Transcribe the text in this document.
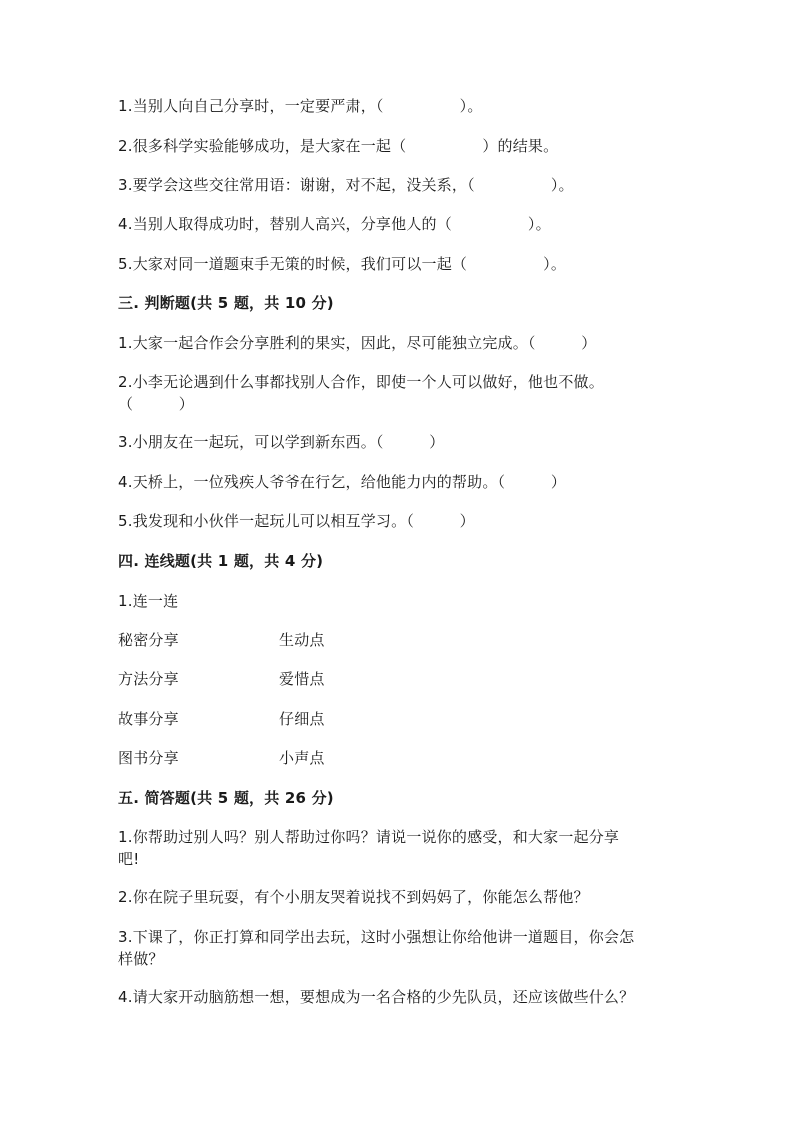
1.当别人向自己分享时，一定要严肃，（　　　　　）。
2.很多科学实验能够成功，是大家在一起（　　　　　）的结果。
3.要学会这些交往常用语：谢谢，对不起，没关系，（　　　　　）。
4.当别人取得成功时，替别人高兴，分享他人的（　　　　　）。
5.大家对同一道题束手无策的时候，我们可以一起（　　　　　）。
三. 判断题(共 5 题，共 10 分)
1.大家一起合作会分享胜利的果实，因此，尽可能独立完成。（　　　）
2.小李无论遇到什么事都找别人合作，即使一个人可以做好，他也不做。
（　　　）
3.小朋友在一起玩，可以学到新东西。（　　　）
4.天桥上，一位残疾人爷爷在行乞，给他能力内的帮助。（　　　）
5.我发现和小伙伴一起玩儿可以相互学习。（　　　）
四. 连线题(共 1 题，共 4 分)
1.连一连
秘密分享	生动点
方法分享	爱惜点
故事分享	仔细点
图书分享	小声点
五. 简答题(共 5 题，共 26 分)
1.你帮助过别人吗？别人帮助过你吗？请说一说你的感受，和大家一起分享
吧!
2.你在院子里玩耍，有个小朋友哭着说找不到妈妈了，你能怎么帮他？
3.下课了，你正打算和同学出去玩，这时小强想让你给他讲一道题目，你会怎
样做？
4.请大家开动脑筋想一想，要想成为一名合格的少先队员，还应该做些什么？
